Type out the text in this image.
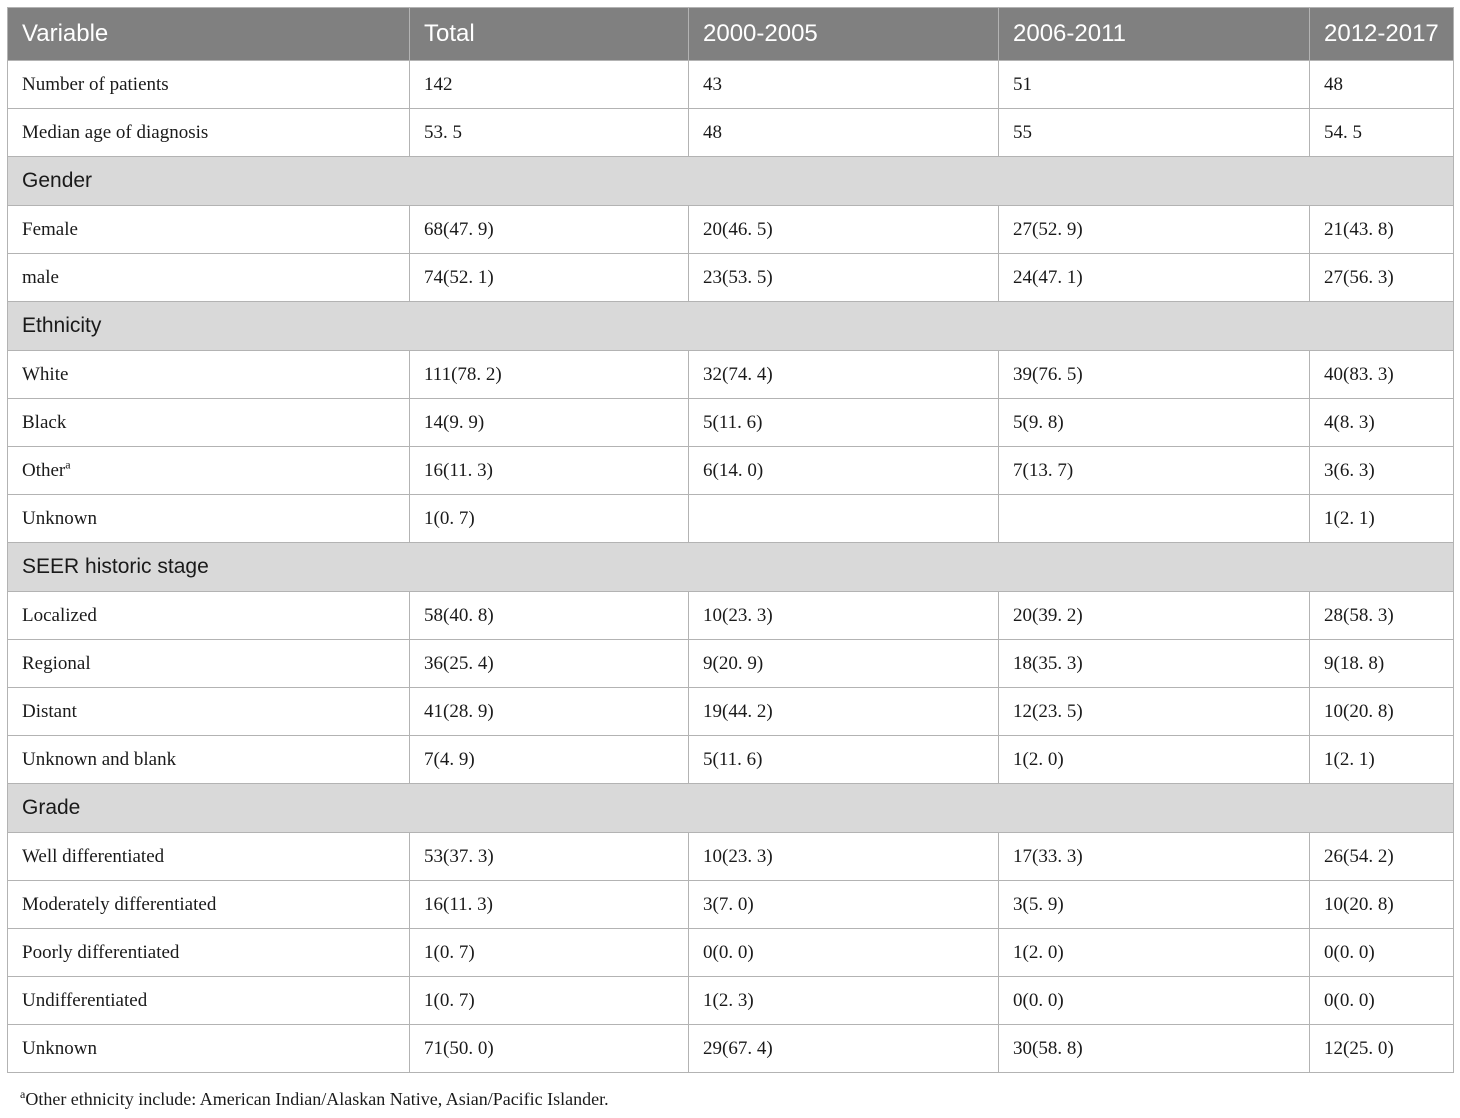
Variable	Total	2000-2005	2006-2011	2012-2017
Number of patients	142	43	51	48
Median age of diagnosis	53. 5	48	55	54. 5
Gender				
Female	68(47. 9)	20(46. 5)	27(52. 9)	21(43. 8)
male	74(52. 1)	23(53. 5)	24(47. 1)	27(56. 3)
Ethnicity				
White	111(78. 2)	32(74. 4)	39(76. 5)	40(83. 3)
Black	14(9. 9)	5(11. 6)	5(9. 8)	4(8. 3)
Other$^a$	16(11. 3)	6(14. 0)	7(13. 7)	3(6. 3)
Unknown	1(0. 7)			1(2. 1)
SEER historic stage				
Localized	58(40. 8)	10(23. 3)	20(39. 2)	28(58. 3)
Regional	36(25. 4)	9(20. 9)	18(35. 3)	9(18. 8)
Distant	41(28. 9)	19(44. 2)	12(23. 5)	10(20. 8)
Unknown and blank	7(4. 9)	5(11. 6)	1(2. 0)	1(2. 1)
Grade				
Well differentiated	53(37. 3)	10(23. 3)	17(33. 3)	26(54. 2)
Moderately differentiated	16(11. 3)	3(7. 0)	3(5. 9)	10(20. 8)
Poorly differentiated	1(0. 7)	0(0. 0)	1(2. 0)	0(0. 0)
Undifferentiated	1(0. 7)	1(2. 3)	0(0. 0)	0(0. 0)
Unknown	71(50. 0)	29(67. 4)	30(58. 8)	12(25. 0)
$^a$Other ethnicity include: American Indian/Alaskan Native, Asian/Pacific Islander.
